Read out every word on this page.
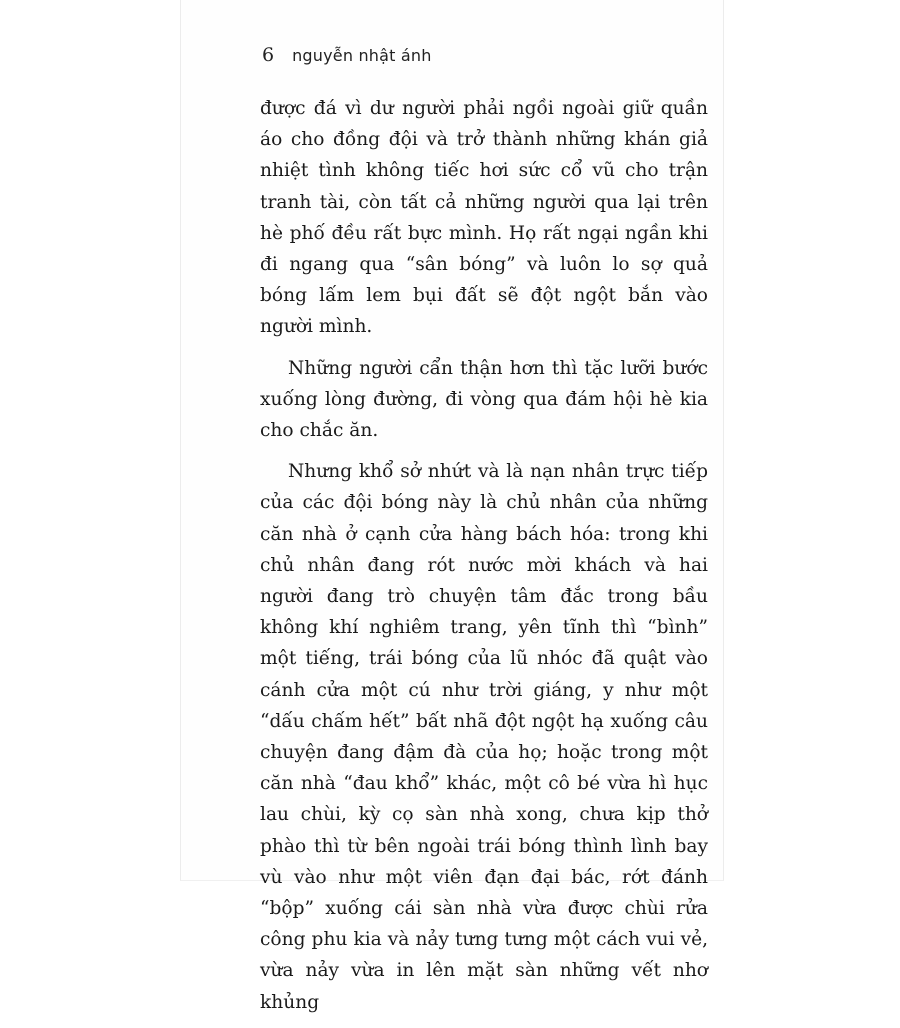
6 nguyễn nhật ánh

được đá vì dư người phải ngồi ngoài giữ quần áo cho đồng đội và trở thành những khán giả nhiệt tình không tiếc hơi sức cổ vũ cho trận tranh tài, còn tất cả những người qua lại trên hè phố đều rất bực mình. Họ rất ngại ngần khi đi ngang qua “sân bóng” và luôn lo sợ quả bóng lấm lem bụi đất sẽ đột ngột bắn vào người mình.

Những người cẩn thận hơn thì tặc lưỡi bước xuống lòng đường, đi vòng qua đám hội hè kia cho chắc ăn.

Nhưng khổ sở nhứt và là nạn nhân trực tiếp của các đội bóng này là chủ nhân của những căn nhà ở cạnh cửa hàng bách hóa: trong khi chủ nhân đang rót nước mời khách và hai người đang trò chuyện tâm đắc trong bầu không khí nghiêm trang, yên tĩnh thì “bình” một tiếng, trái bóng của lũ nhóc đã quật vào cánh cửa một cú như trời giáng, y như một “dấu chấm hết” bất nhã đột ngột hạ xuống câu chuyện đang đậm đà của họ; hoặc trong một căn nhà “đau khổ” khác, một cô bé vừa hì hục lau chùi, kỳ cọ sàn nhà xong, chưa kịp thở phào thì từ bên ngoài trái bóng thình lình bay vù vào như một viên đạn đại bác, rớt đánh “bộp” xuống cái sàn nhà vừa được chùi rửa công phu kia và nảy tưng tưng một cách vui vẻ, vừa nảy vừa in lên mặt sàn những vết nhơ khủng
